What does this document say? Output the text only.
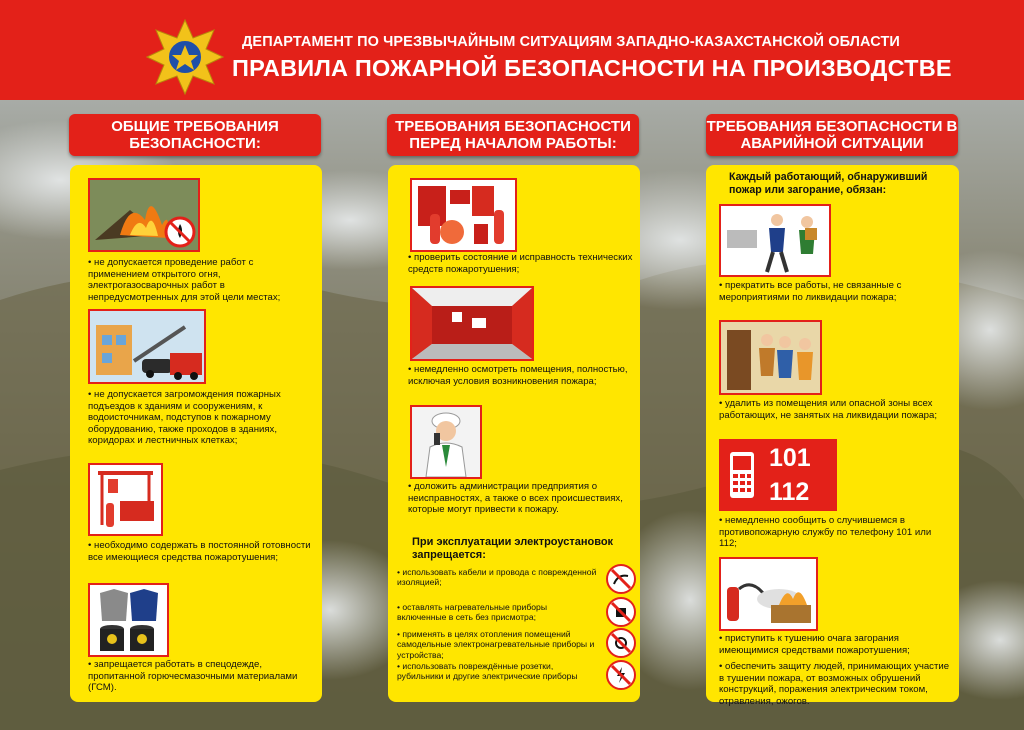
ДЕПАРТАМЕНТ ПО ЧРЕЗВЫЧАЙНЫМ СИТУАЦИЯМ ЗАПАДНО-КАЗАХСТАНСКОЙ ОБЛАСТИ
ПРАВИЛА ПОЖАРНОЙ БЕЗОПАСНОСТИ НА ПРОИЗВОДСТВЕ
ОБЩИЕ ТРЕБОВАНИЯ БЕЗОПАСНОСТИ:
ТРЕБОВАНИЯ БЕЗОПАСНОСТИ ПЕРЕД НАЧАЛОМ РАБОТЫ:
ТРЕБОВАНИЯ БЕЗОПАСНОСТИ В АВАРИЙНОЙ СИТУАЦИИ
• не допускается проведение работ с применением открытого огня, электрогазосварочных работ в непредусмотренных для этой цели местах;
• не допускается загромождения пожарных подъездов к зданиям и сооружениям, к водоисточникам, подступов к пожарному оборудованию, также проходов в зданиях, коридорах и лестничных клетках;
• необходимо содержать в постоянной готовности все имеющиеся средства пожаротушения;
• запрещается работать в спецодежде, пропитанной горючесмазочными материалами (ГСМ).
• проверить состояние и исправность технических средств пожаротушения;
• немедленно осмотреть помещения, полностью, исключая условия возникновения пожара;
• доложить администрации предприятия о неисправностях, а также о всех происшествиях, которые могут привести к пожару.
При эксплуатации электроустановок запрещается:
• использовать кабели и провода с поврежденной изоляцией;
• оставлять нагревательные приборы включенные в сеть без присмотра;
• применять в целях отопления помещений самодельные электронагревательные приборы и устройства;
• использовать повреждённые розетки, рубильники и другие электрические приборы
Каждый работающий, обнаруживший пожар или загорание, обязан:
• прекратить все работы, не связанные с мероприятиями по ликвидации пожара;
• удалить из помещения или опасной зоны всех работающих, не занятых на ликвидации пожара;
101
112
• немедленно сообщить о случившемся в противопожарную службу по телефону 101 или 112;
• приступить к тушению очага загорания имеющимися средствами пожаротушения;
• обеспечить защиту людей, принимающих участие в тушении пожара, от возможных обрушений конструкций, поражения электрическим током, отравления, ожогов.
